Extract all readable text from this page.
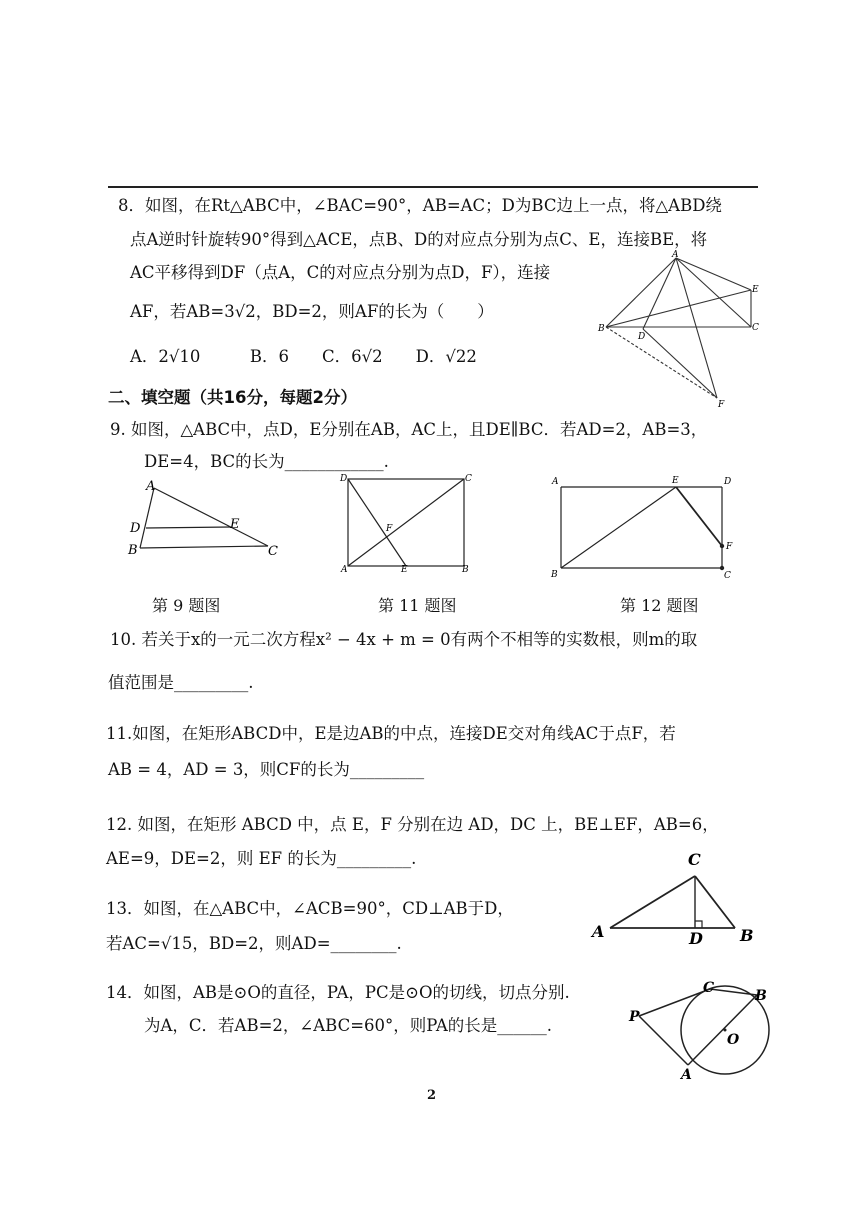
8．如图，在Rt△ABC中，∠BAC=90°，AB=AC；D为BC边上一点，将△ABD绕
点A逆时针旋转90°得到△ACE，点B、D的对应点分别为点C、E，连接BE，将
AC平移得到DF（点A，C的对应点分别为点D，F），连接
AF，若AB=3√2，BD=2，则AF的长为（　　）
A．2√10　　　B．6　　C．6√2　　D．√22
A
B
D
C
E
F
二、填空题（共16分，每题2分）
9. 如图，△ABC中，点D，E分别在AB，AC上，且DE∥BC．若AD=2，AB=3，
DE=4，BC的长为____________.
A
D
B
E
C
D	C
A	E	B
F
A	E	D
F
B	C
第 9 题图	第 11 题图	第 12 题图
10. 若关于x的一元二次方程x² − 4x + m = 0有两个不相等的实数根，则m的取
值范围是_________.
11.如图，在矩形ABCD中，E是边AB的中点，连接DE交对角线AC于点F，若
AB = 4，AD = 3，则CF的长为_________
12. 如图，在矩形 ABCD 中，点 E，F 分别在边 AD，DC 上，BE⊥EF，AB=6，
AE=9，DE=2，则 EF 的长为_________.
13．如图，在△ABC中，∠ACB=90°，CD⊥AB于D，
若AC=√15，BD=2，则AD=________.
C
A	D B
14．如图，AB是⊙O的直径，PA，PC是⊙O的切线，切点分别.
为A，C．若AB=2，∠ABC=60°，则PA的长是______.	P
C	B
O
A
2
